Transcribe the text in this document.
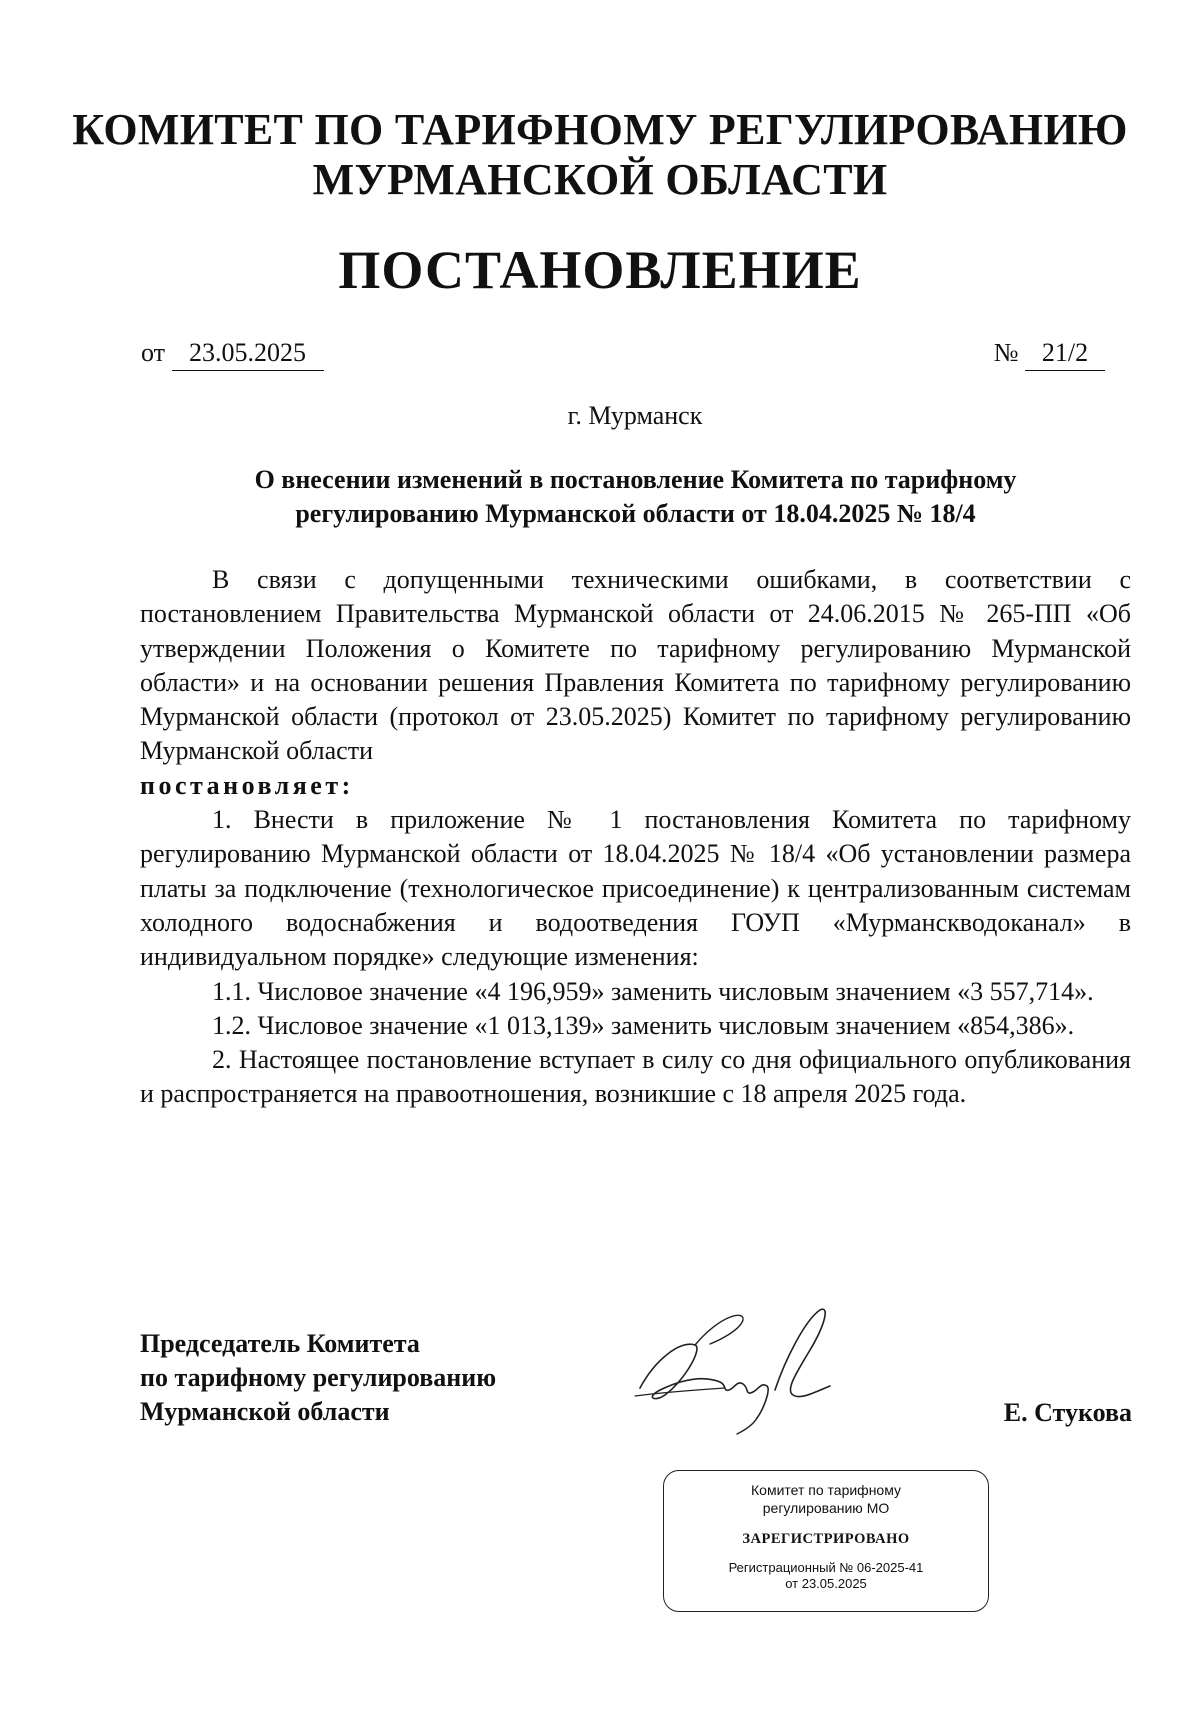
КОМИТЕТ ПО ТАРИФНОМУ РЕГУЛИРОВАНИЮ
МУРМАНСКОЙ ОБЛАСТИ
ПОСТАНОВЛЕНИЕ
от 23.05.2025	№ 21/2
г. Мурманск
О внесении изменений в постановление Комитета по тарифному
регулированию Мурманской области от 18.04.2025 № 18/4

В связи с допущенными техническими ошибками, в соответствии с постановлением Правительства Мурманской области от 24.06.2015 № 265-ПП «Об утверждении Положения о Комитете по тарифному регулированию Мурманской области» и на основании решения Правления Комитета по тарифному регулированию Мурманской области (протокол от 23.05.2025) Комитет по тарифному регулированию Мурманской области

постановляет:

1. Внести в приложение № 1 постановления Комитета по тарифному регулированию Мурманской области от 18.04.2025 № 18/4 «Об установлении размера платы за подключение (технологическое присоединение) к централизованным системам холодного водоснабжения и водоотведения ГОУП «Мурманскводоканал» в индивидуальном порядке» следующие изменения:

1.1. Числовое значение «4 196,959» заменить числовым значением «3 557,714».

1.2. Числовое значение «1 013,139» заменить числовым значением «854,386».

2. Настоящее постановление вступает в силу со дня официального опубликования и распространяется на правоотношения, возникшие с 18 апреля 2025 года.

Председатель Комитета
по тарифному регулированию
Мурманской области	Е. Стукова
Комитет по тарифному
регулированию МО
ЗАРЕГИСТРИРОВАНО
Регистрационный № 06-2025-41
от 23.05.2025
